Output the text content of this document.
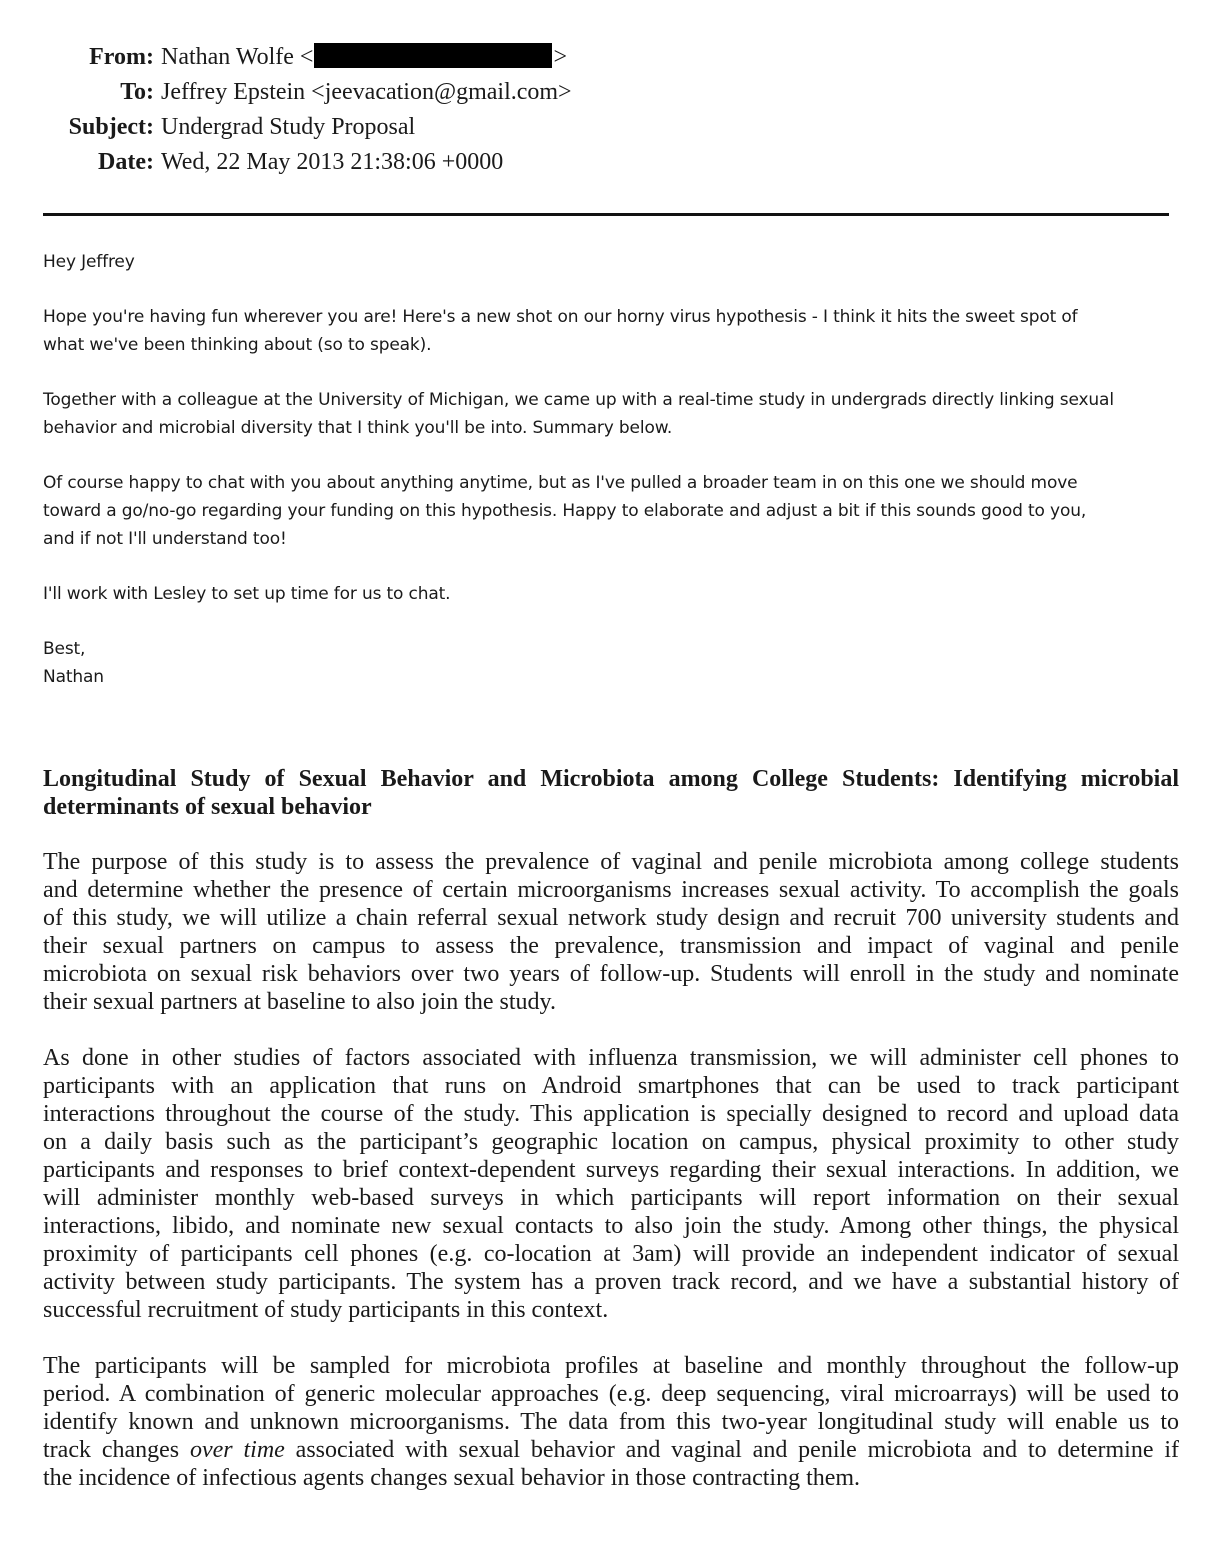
From: Nathan Wolfe <	>
To: Jeffrey Epstein <jeevacation@gmail.com>
Subject: Undergrad Study Proposal
Date: Wed, 22 May 2013 21:38:06 +0000

Hey Jeffrey

Hope you're having fun wherever you are! Here's a new shot on our horny virus hypothesis - I think it hits the sweet spot of
what we've been thinking about (so to speak).

Together with a colleague at the University of Michigan, we came up with a real-time study in undergrads directly linking sexual
behavior and microbial diversity that I think you'll be into. Summary below.

Of course happy to chat with you about anything anytime, but as I've pulled a broader team in on this one we should move
toward a go/no-go regarding your funding on this hypothesis. Happy to elaborate and adjust a bit if this sounds good to you,
and if not I'll understand too!

I'll work with Lesley to set up time for us to chat.

Best,
Nathan

Longitudinal Study of Sexual Behavior and Microbiota among College Students: Identifying microbial
determinants of sexual behavior

The purpose of this study is to assess the prevalence of vaginal and penile microbiota among college students
and determine whether the presence of certain microorganisms increases sexual activity. To accomplish the goals
of this study, we will utilize a chain referral sexual network study design and recruit 700 university students and
their sexual partners on campus to assess the prevalence, transmission and impact of vaginal and penile
microbiota on sexual risk behaviors over two years of follow-up. Students will enroll in the study and nominate
their sexual partners at baseline to also join the study.

As done in other studies of factors associated with influenza transmission, we will administer cell phones to
participants with an application that runs on Android smartphones that can be used to track participant
interactions throughout the course of the study. This application is specially designed to record and upload data
on a daily basis such as the participant’s geographic location on campus, physical proximity to other study
participants and responses to brief context-dependent surveys regarding their sexual interactions. In addition, we
will administer monthly web-based surveys in which participants will report information on their sexual
interactions, libido, and nominate new sexual contacts to also join the study. Among other things, the physical
proximity of participants cell phones (e.g. co-location at 3am) will provide an independent indicator of sexual
activity between study participants. The system has a proven track record, and we have a substantial history of
successful recruitment of study participants in this context.

The participants will be sampled for microbiota profiles at baseline and monthly throughout the follow-up
period. A combination of generic molecular approaches (e.g. deep sequencing, viral microarrays) will be used to
identify known and unknown microorganisms. The data from this two-year longitudinal study will enable us to
track changes over time associated with sexual behavior and vaginal and penile microbiota and to determine if
the incidence of infectious agents changes sexual behavior in those contracting them.
